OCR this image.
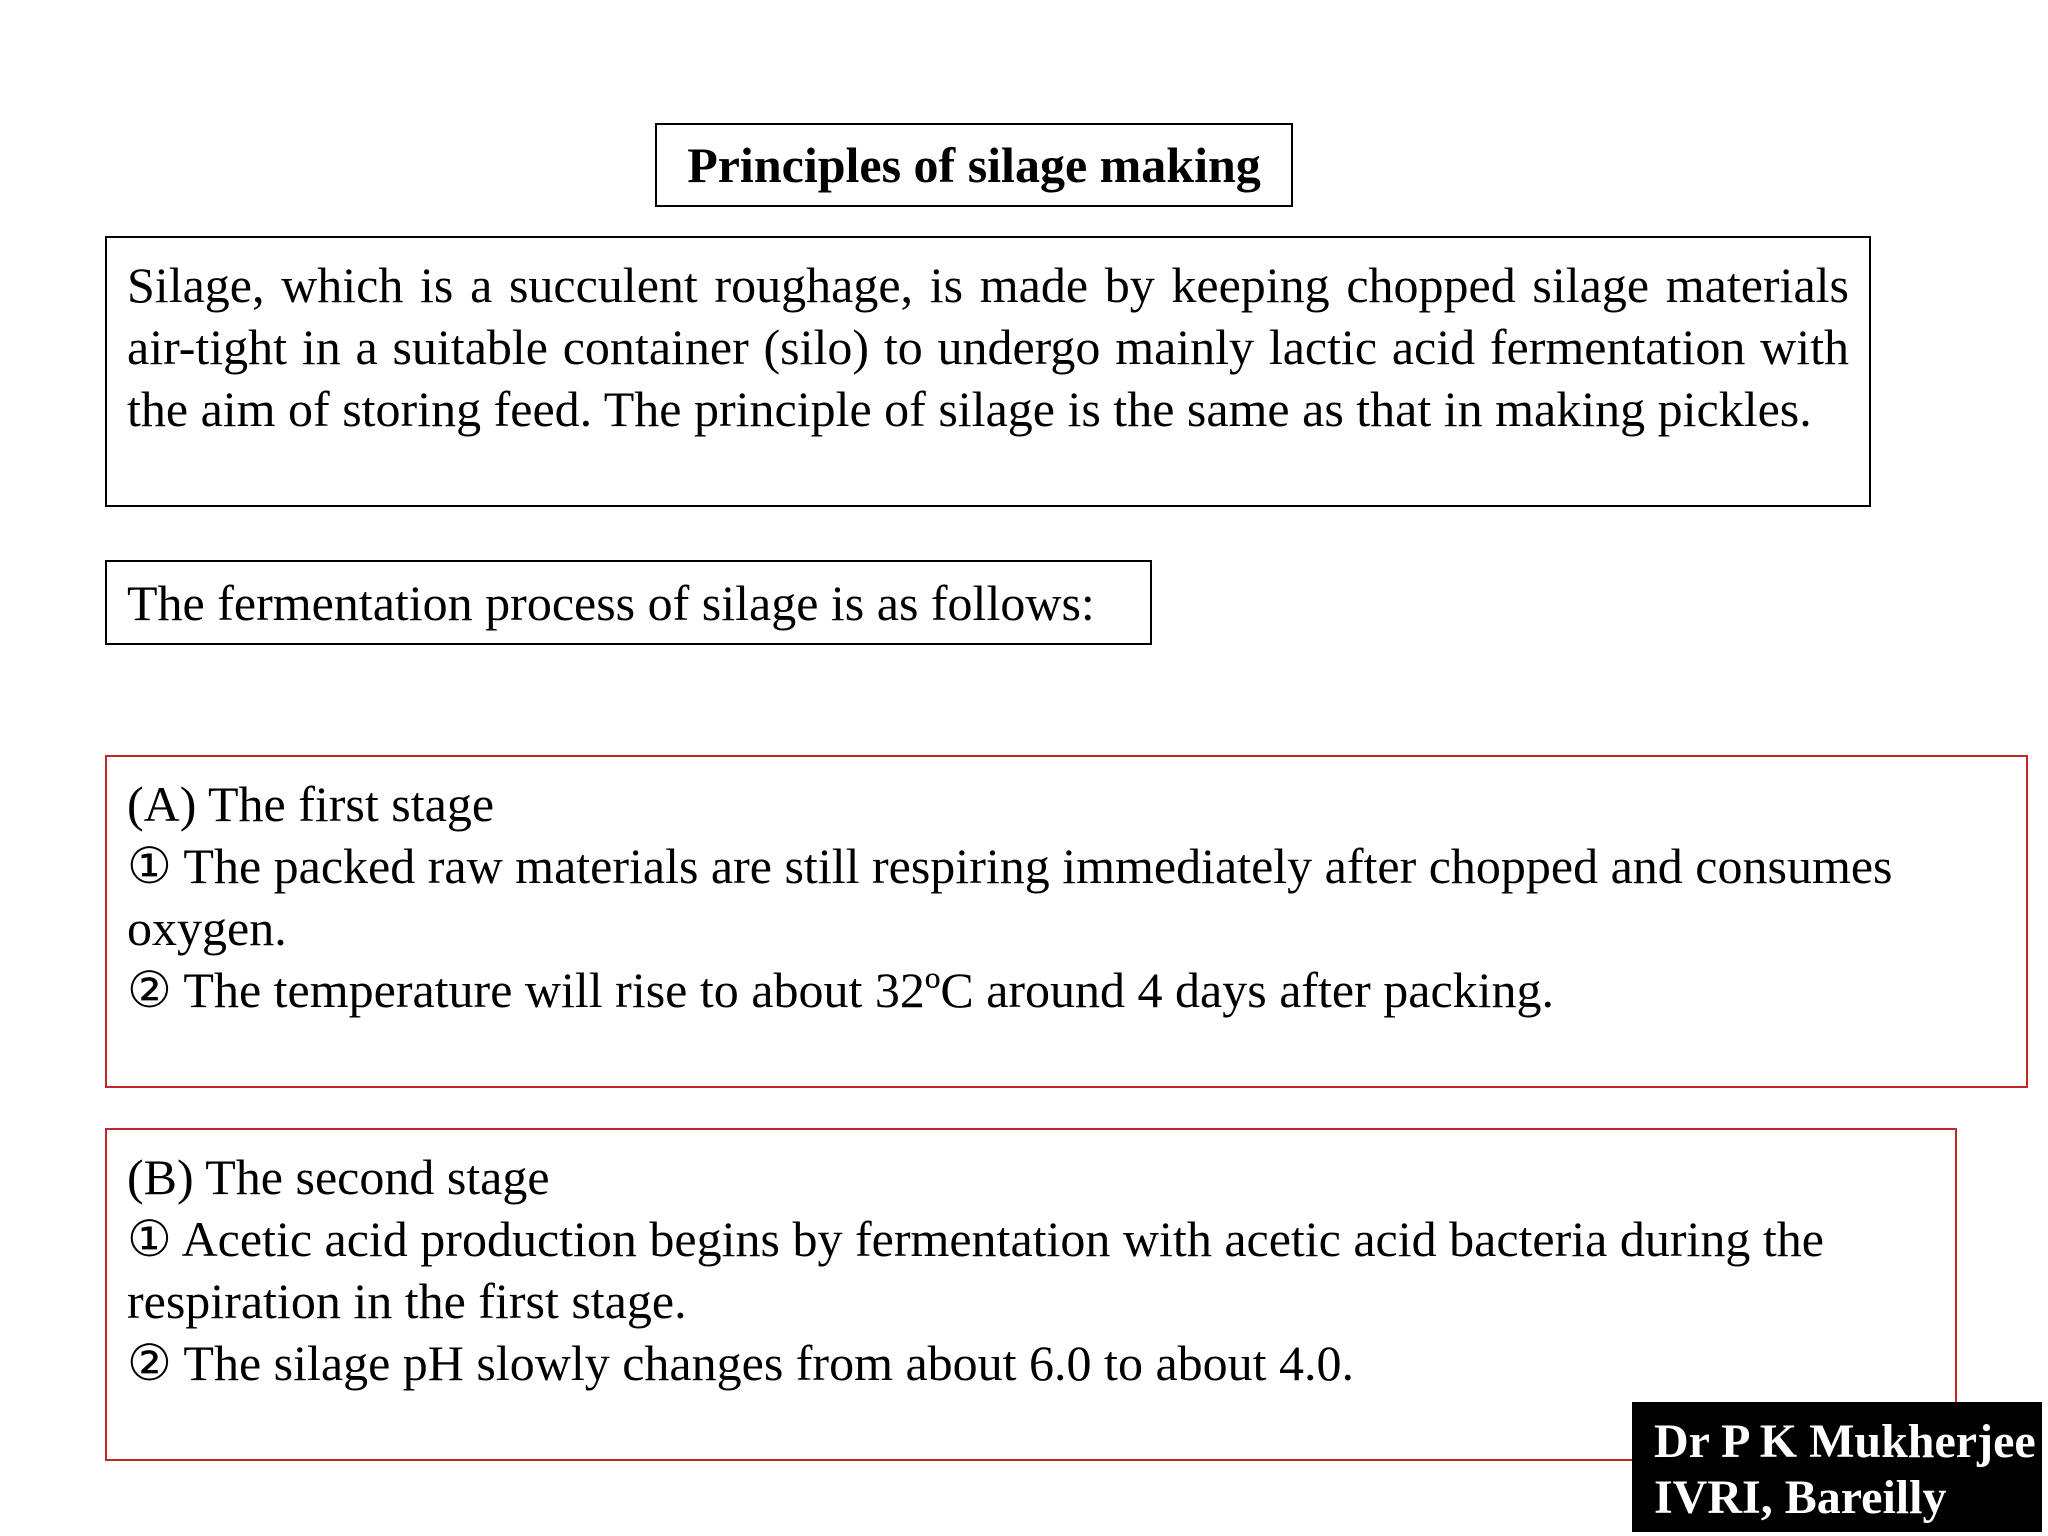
Principles of silage making
Silage, which is a succulent roughage, is made by keeping chopped silage materials air-tight in a suitable container (silo) to undergo mainly lactic acid fermentation with the aim of storing feed. The principle of silage is the same as that in making pickles.
The fermentation process of silage is as follows:
(A) The first stage
① The packed raw materials are still respiring immediately after chopped and consumes oxygen.
② The temperature will rise to about 32ºC around 4 days after packing.
(B) The second stage
① Acetic acid production begins by fermentation with acetic acid bacteria during the respiration in the first stage.
② The silage pH slowly changes from about 6.0 to about 4.0.
Dr P K Mukherjee
IVRI, Bareilly
